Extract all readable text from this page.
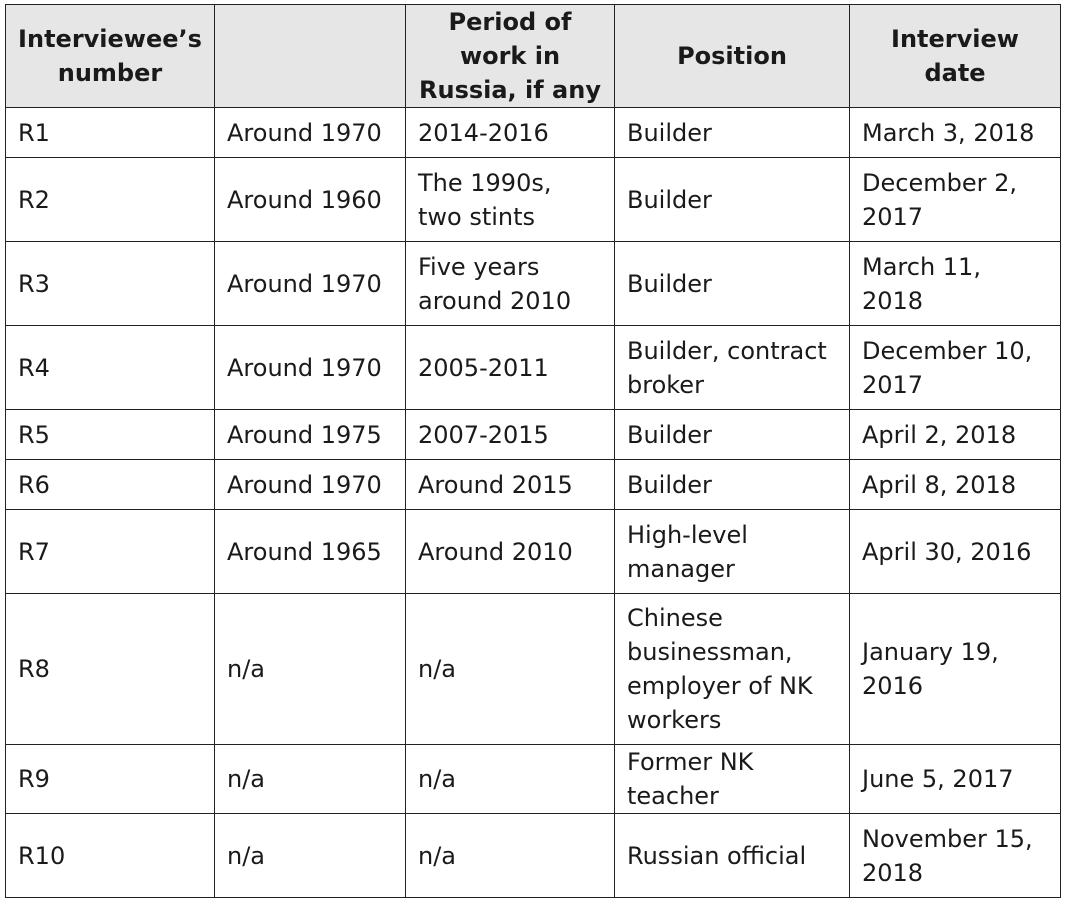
Interviewee’s number		Period of work in Russia, if any	Position	Interview date
R1	Around 1970	2014-2016	Builder	March 3, 2018
R2	Around 1960	The 1990s, two stints	Builder	December 2, 2017
R3	Around 1970	Five years around 2010	Builder	March 11, 2018
R4	Around 1970	2005-2011	Builder, contract broker	December 10, 2017
R5	Around 1975	2007-2015	Builder	April 2, 2018
R6	Around 1970	Around 2015	Builder	April 8, 2018
R7	Around 1965	Around 2010	High-level manager	April 30, 2016
R8	n/a	n/a	Chinese businessman, employer of NK workers	January 19, 2016
R9	n/a	n/a	Former NK teacher	June 5, 2017
R10	n/a	n/a	Russian official	November 15, 2018
